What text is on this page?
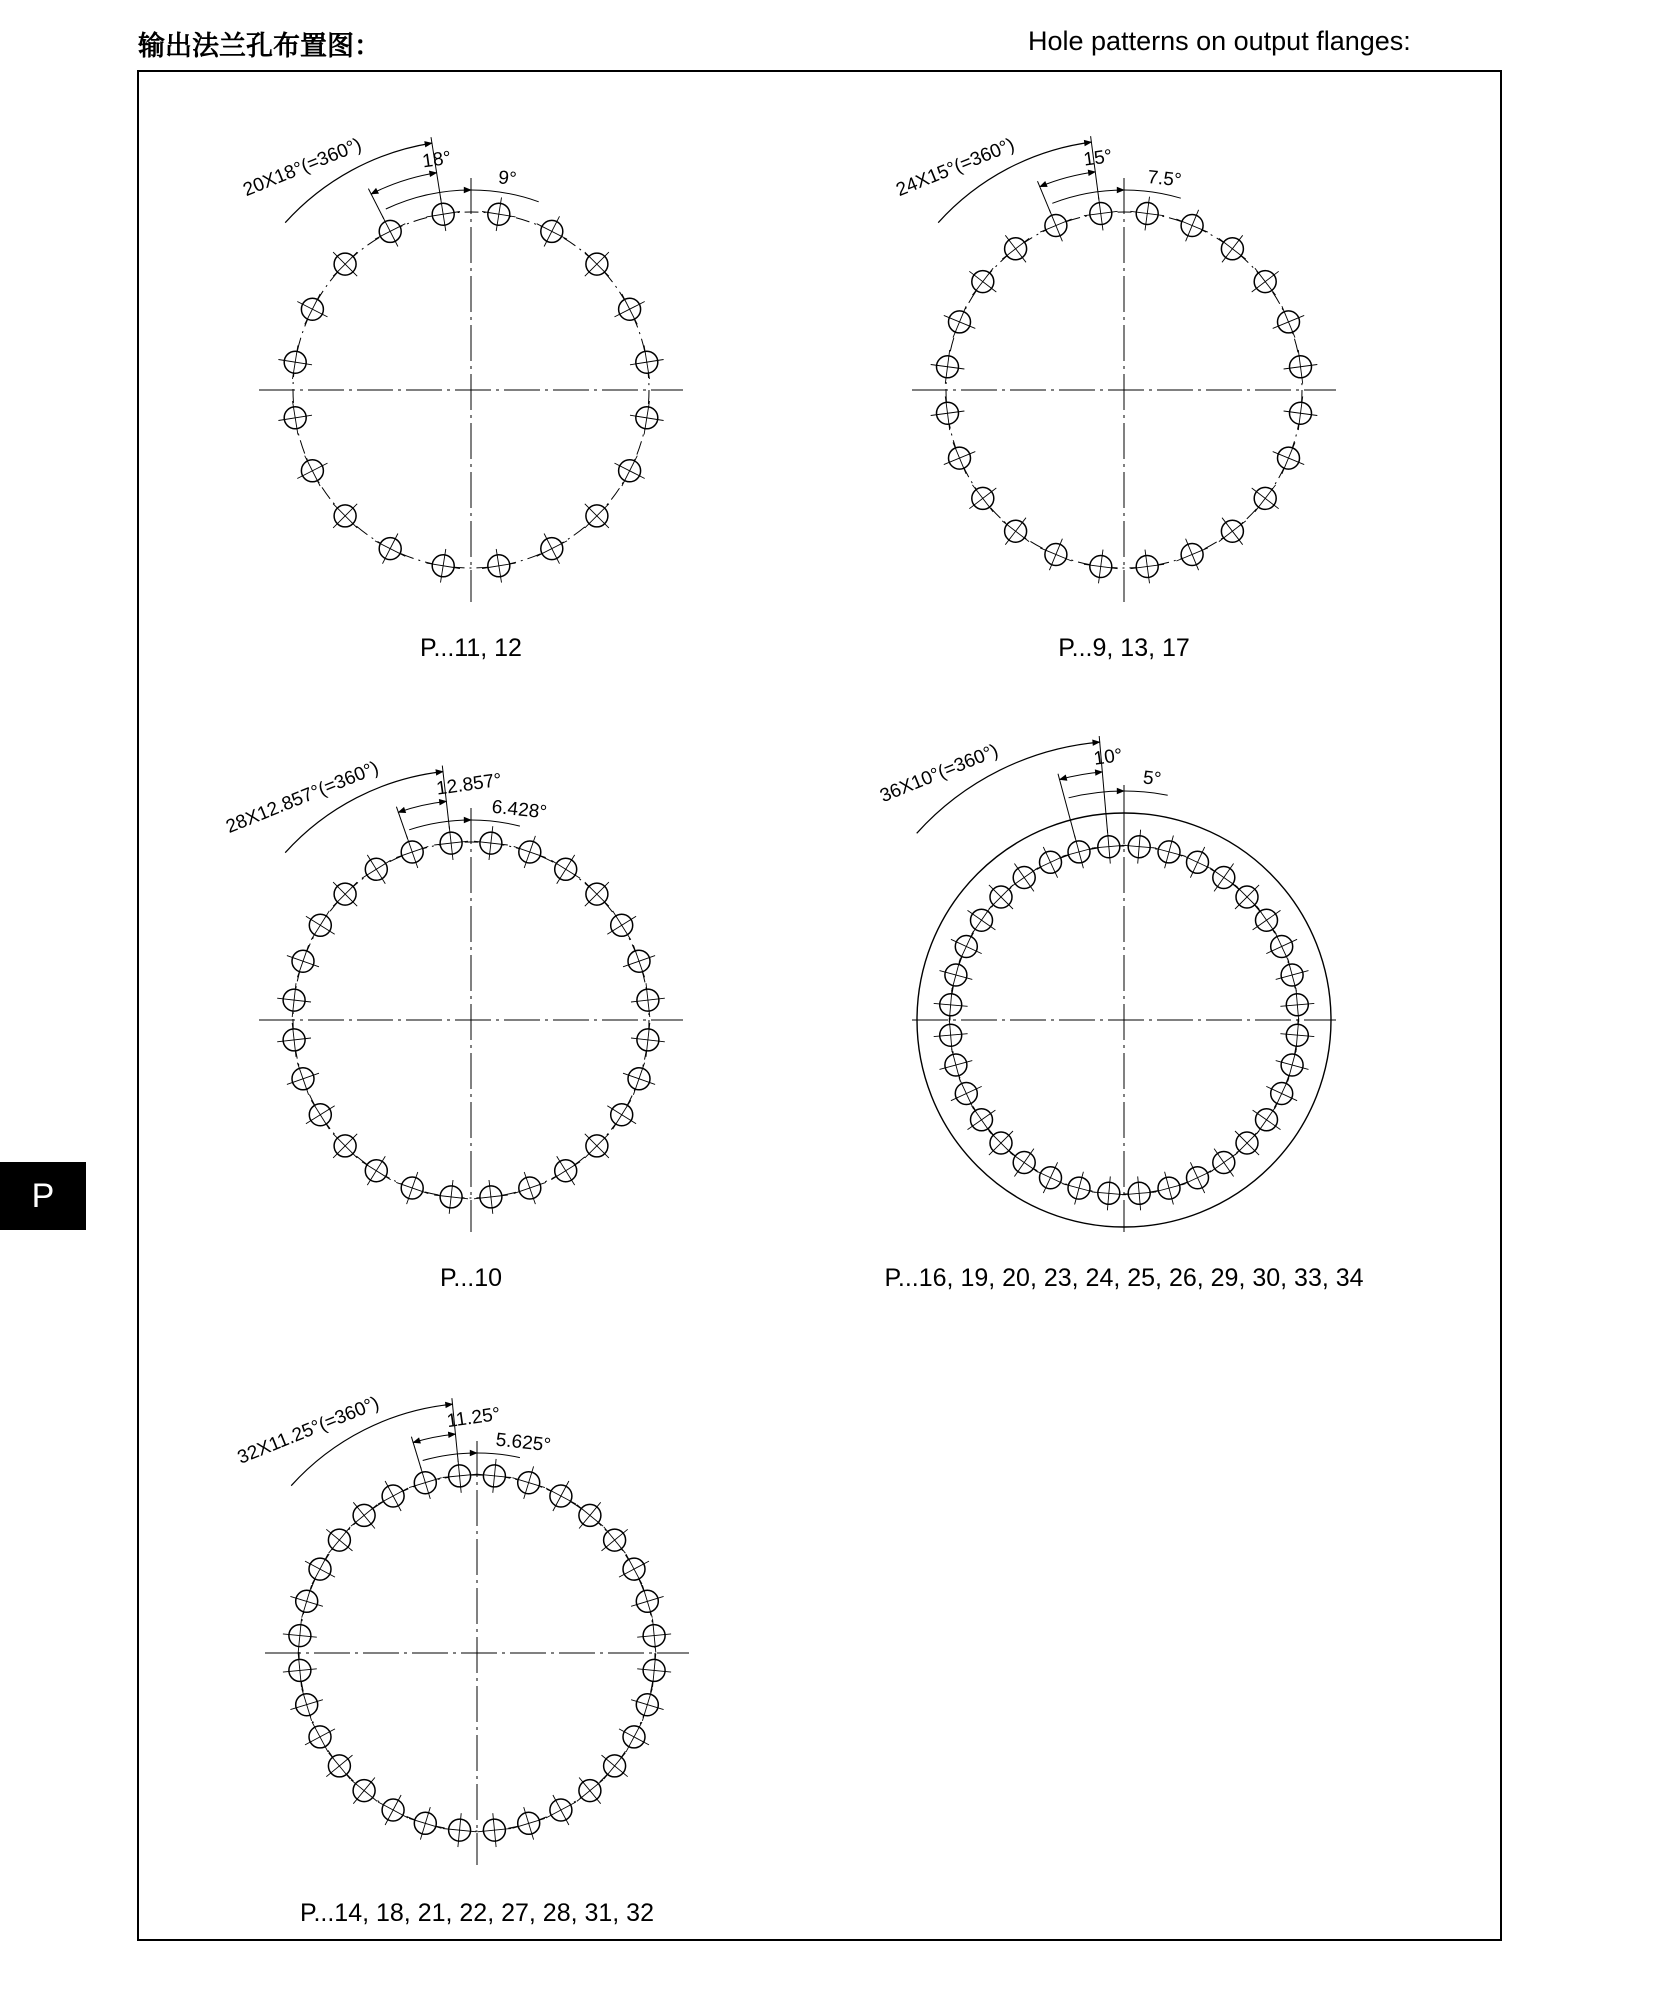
输出法兰孔布置图：	Hole patterns on output flanges:
P
20X18°(=360°)	18°
9°
P...11, 12
24X15°(=360°)	15°
7.5°
P...9, 13, 17
28X12.857°(=360°)	12.857°
6.428°
P...10
36X10°(=360°)	10°
5°
P...16, 19, 20, 23, 24, 25, 26, 29, 30, 33, 34
32X11.25°(=360°)	11.25°
5.625°
P...14, 18, 21, 22, 27, 28, 31, 32
